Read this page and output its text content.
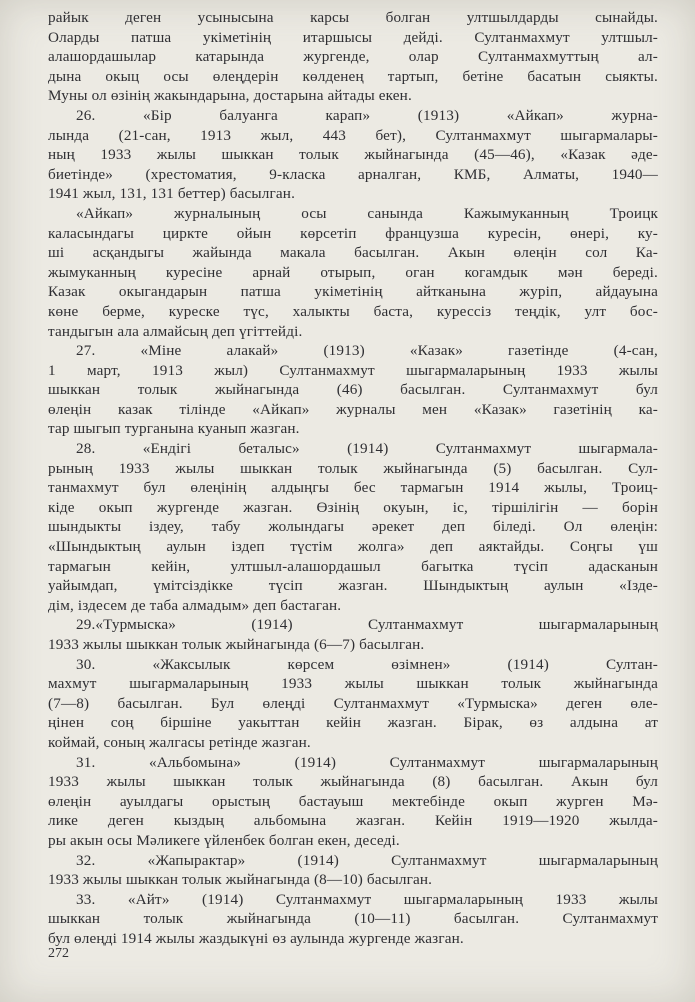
райык деген усынысына карсы болган ултшылдарды сынайды.
Оларды патша укіметінің итаршысы дейді. Султанмахмут ултшыл-
алашордашылар катарында жургенде, олар Султанмахмуттың ал-
дына окыц осы өлеңдерін көлденең тартып, бетіне басатын сыякты.
Муны ол өзінің жакындарына, достарына айтады екен.
26. «Бір балуанга карап» (1913) «Айкап» журна-
лында (21-сан, 1913 жыл, 443 бет), Султанмахмут шыгармалары-
ның 1933 жылы шыккан толык жыйнагында (45—46), «Казак әде-
биетінде» (хрестоматия, 9-класка арналган, КМБ, Алматы, 1940—
1941 жыл, 131, 131 беттер) басылган.
«Айкап» журналының осы санында Кажымуканның Троицк
каласындагы циркте ойын көрсетіп французша куресін, өнері, ку-
ші асқандыгы жайында макала басылган. Акын өлеңін сол Ка-
жымуканның куресіне арнай отырып, оган когамдык мән береді.
Казак окыгандарын патша укіметінің айтканына журіп, айдауына
көне берме, куреске түс, халыкты баста, курессіз теңдік, улт бос-
тандыгын ала алмайсың деп үгіттейді.
27. «Міне алакай» (1913) «Казак» газетінде (4-сан,
1 март, 1913 жыл) Султанмахмут шыгармаларының 1933 жылы
шыккан толык жыйнагында (46) басылган. Султанмахмут бул
өлеңін казак тілінде «Айкап» журналы мен «Казак» газетінің ка-
тар шыгып турганына куанып жазган.
28. «Ендігі беталыс» (1914) Султанмахмут шыгармала-
рының 1933 жылы шыккан толык жыйнагында (5) басылган. Сул-
танмахмут бул өлеңінің алдыңгы бес тармагын 1914 жылы, Троиц-
кіде окып жургенде жазган. Өзінің окуын, іс, тіршілігін — борін
шындыкты іздеу, табу жолындагы әрекет деп біледі. Ол өлеңін:
«Шындыктың аулын іздеп түстім жолга» деп аяктайды. Соңгы үш
тармагын кейін, ултшыл-алашордашыл багытка түсіп адасканын
уайымдап, үмітсіздікке түсіп жазган. Шындыктың аулын «Ізде-
дім, іздесем де таба алмадым» деп бастаган.
29.«Турмыска» (1914) Султанмахмут шыгармаларының
1933 жылы шыккан толык жыйнагында (6—7) басылган.
30. «Жаксылык көрсем өзімнен» (1914) Султан-
махмут шыгармаларының 1933 жылы шыккан толык жыйнагында
(7—8) басылган. Бул өлеңді Султанмахмут «Турмыска» деген өле-
ңінен соң біршіне уакыттан кейін жазган. Бірак, өз алдына ат
коймай, соның жалгасы ретінде жазган.
31. «Альбомына» (1914) Султанмахмут шыгармаларының
1933 жылы шыккан толык жыйнагында (8) басылган. Акын бул
өлеңін ауылдагы орыстың бастауыш мектебінде окып журген Мә-
лике деген кыздың альбомына жазган. Кейін 1919—1920 жылда-
ры акын осы Мәликеге үйленбек болган екен, деседі.
32. «Жапырактар» (1914) Султанмахмут шыгармаларының
1933 жылы шыккан толык жыйнагында (8—10) басылган.
33. «Айт» (1914) Султанмахмут шыгармаларының 1933 жылы
шыккан толык жыйнагында (10—11) басылган. Султанмахмут
бул өлеңді 1914 жылы жаздыкүні өз аулында жургенде жазган.
272
